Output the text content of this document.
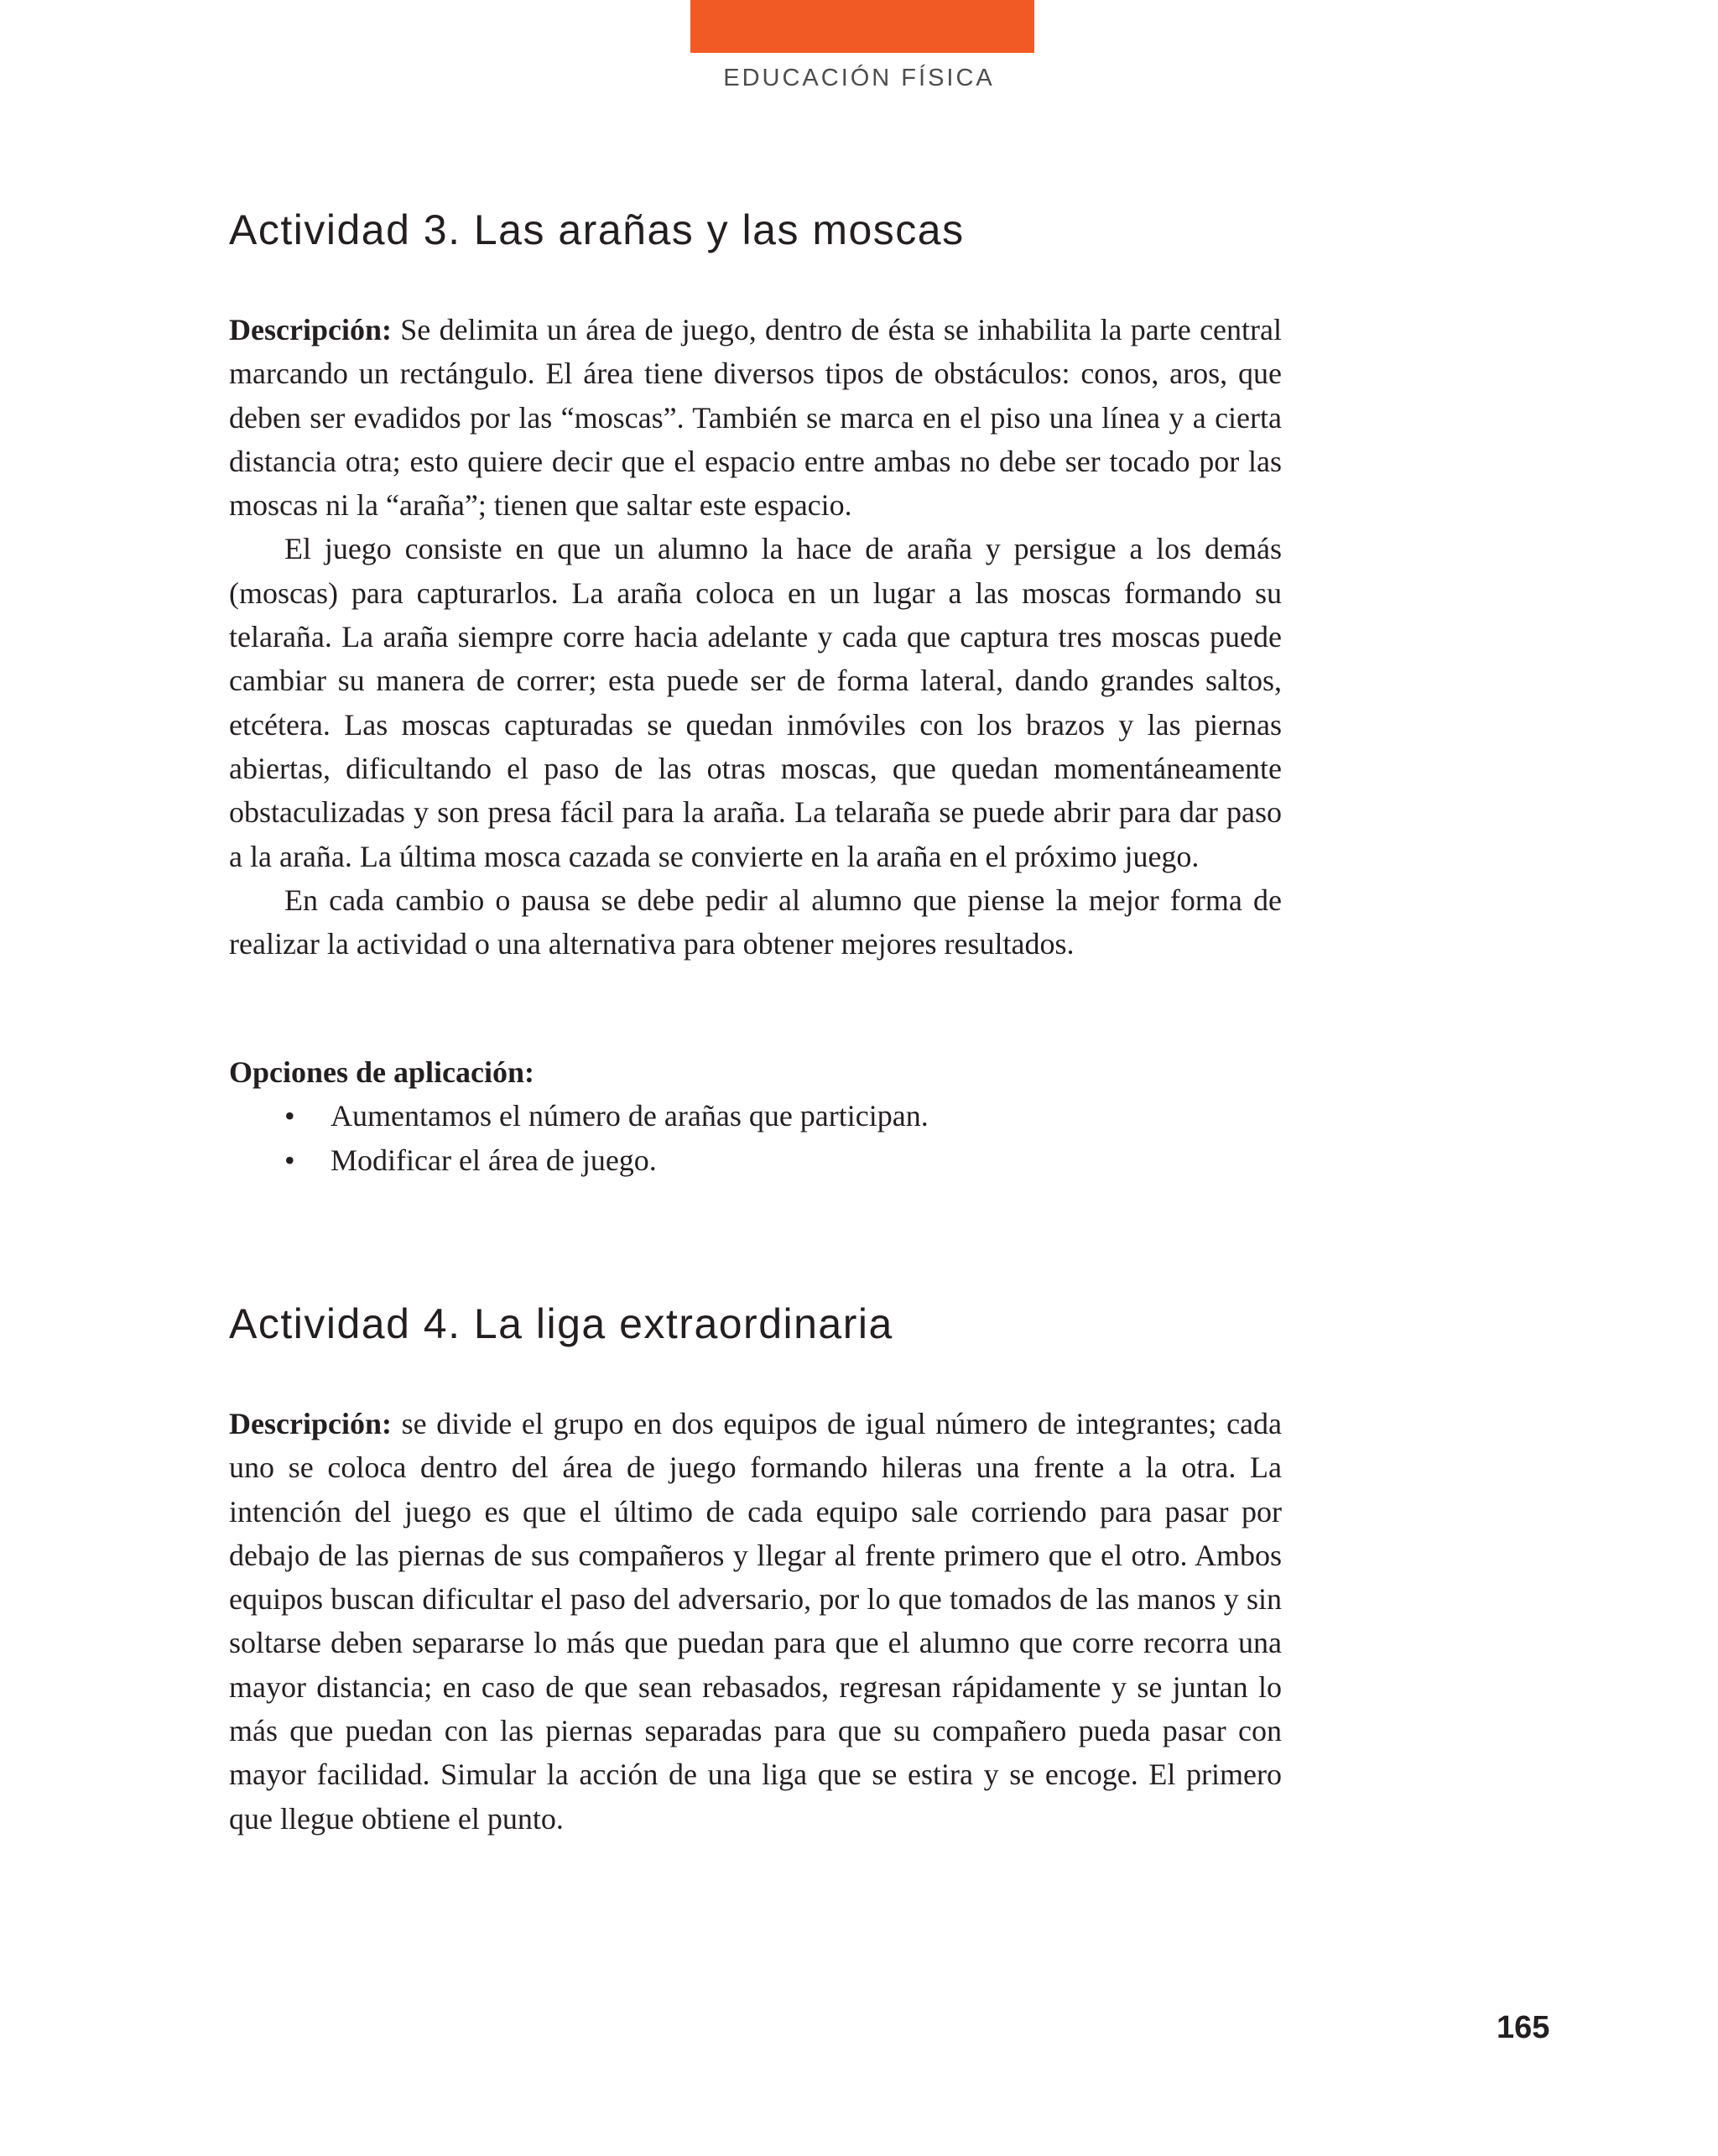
EDUCACIÓN FÍSICA
Actividad 3. Las arañas y las moscas

Descripción: Se delimita un área de juego, dentro de ésta se inhabilita la parte central marcando un rectángulo. El área tiene diversos tipos de obstáculos: conos, aros, que deben ser evadidos por las “moscas”. También se marca en el piso una línea y a cierta distancia otra; esto quiere decir que el espacio entre ambas no debe ser tocado por las moscas ni la “araña”; tienen que saltar este espacio.

El juego consiste en que un alumno la hace de araña y persigue a los demás (moscas) para capturarlos. La araña coloca en un lugar a las moscas formando su telaraña. La araña siempre corre hacia adelante y cada que captura tres moscas puede cambiar su manera de correr; esta puede ser de forma lateral, dando grandes saltos, etcétera. Las moscas capturadas se quedan inmóviles con los brazos y las piernas abiertas, dificultando el paso de las otras moscas, que quedan momentáneamente obstaculizadas y son presa fácil para la araña. La telaraña se puede abrir para dar paso a la araña. La última mosca cazada se convierte en la araña en el próximo juego.

En cada cambio o pausa se debe pedir al alumno que piense la mejor forma de realizar la actividad o una alternativa para obtener mejores resultados.

Opciones de aplicación:

• Aumentamos el número de arañas que participan.
• Modificar el área de juego.
Actividad 4. La liga extraordinaria

Descripción: se divide el grupo en dos equipos de igual número de integrantes; cada uno se coloca dentro del área de juego formando hileras una frente a la otra. La intención del juego es que el último de cada equipo sale corriendo para pasar por debajo de las piernas de sus compañeros y llegar al frente primero que el otro. Ambos equipos buscan dificultar el paso del adversario, por lo que tomados de las manos y sin soltarse deben separarse lo más que puedan para que el alumno que corre recorra una mayor distancia; en caso de que sean rebasados, regresan rápidamente y se juntan lo más que puedan con las piernas separadas para que su compañero pueda pasar con mayor facilidad. Simular la acción de una liga que se estira y se encoge. El primero que llegue obtiene el punto.

165
